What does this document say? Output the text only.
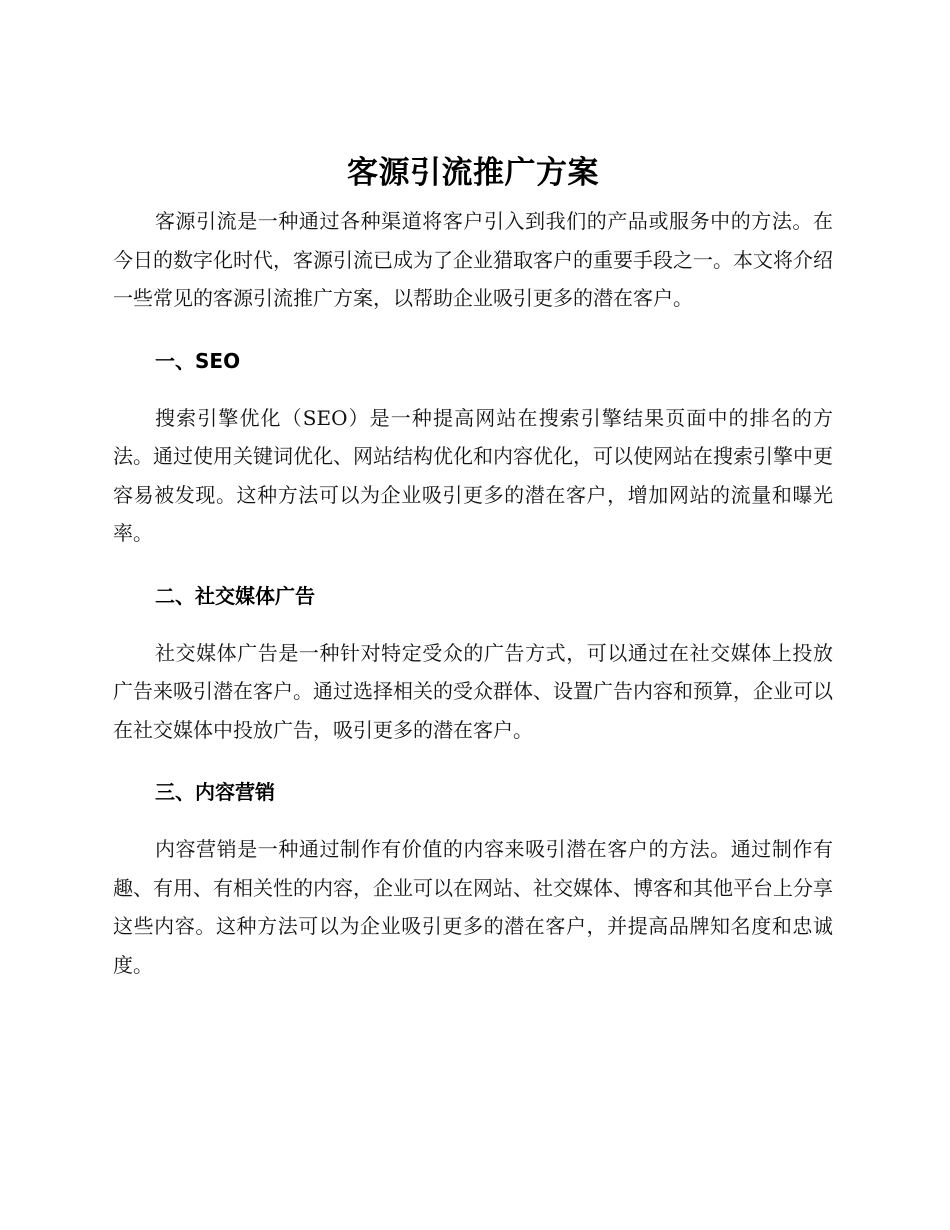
客源引流推广方案

客源引流是一种通过各种渠道将客户引入到我们的产品或服务中的方法。在今日的数字化时代，客源引流已成为了企业猎取客户的重要手段之一。本文将介绍一些常见的客源引流推广方案，以帮助企业吸引更多的潜在客户。

一、SEO

搜索引擎优化（SEO）是一种提高网站在搜索引擎结果页面中的排名的方法。通过使用关键词优化、网站结构优化和内容优化，可以使网站在搜索引擎中更容易被发现。这种方法可以为企业吸引更多的潜在客户，增加网站的流量和曝光率。

二、社交媒体广告

社交媒体广告是一种针对特定受众的广告方式，可以通过在社交媒体上投放广告来吸引潜在客户。通过选择相关的受众群体、设置广告内容和预算，企业可以在社交媒体中投放广告，吸引更多的潜在客户。

三、内容营销

内容营销是一种通过制作有价值的内容来吸引潜在客户的方法。通过制作有趣、有用、有相关性的内容，企业可以在网站、社交媒体、博客和其他平台上分享这些内容。这种方法可以为企业吸引更多的潜在客户，并提高品牌知名度和忠诚度。
